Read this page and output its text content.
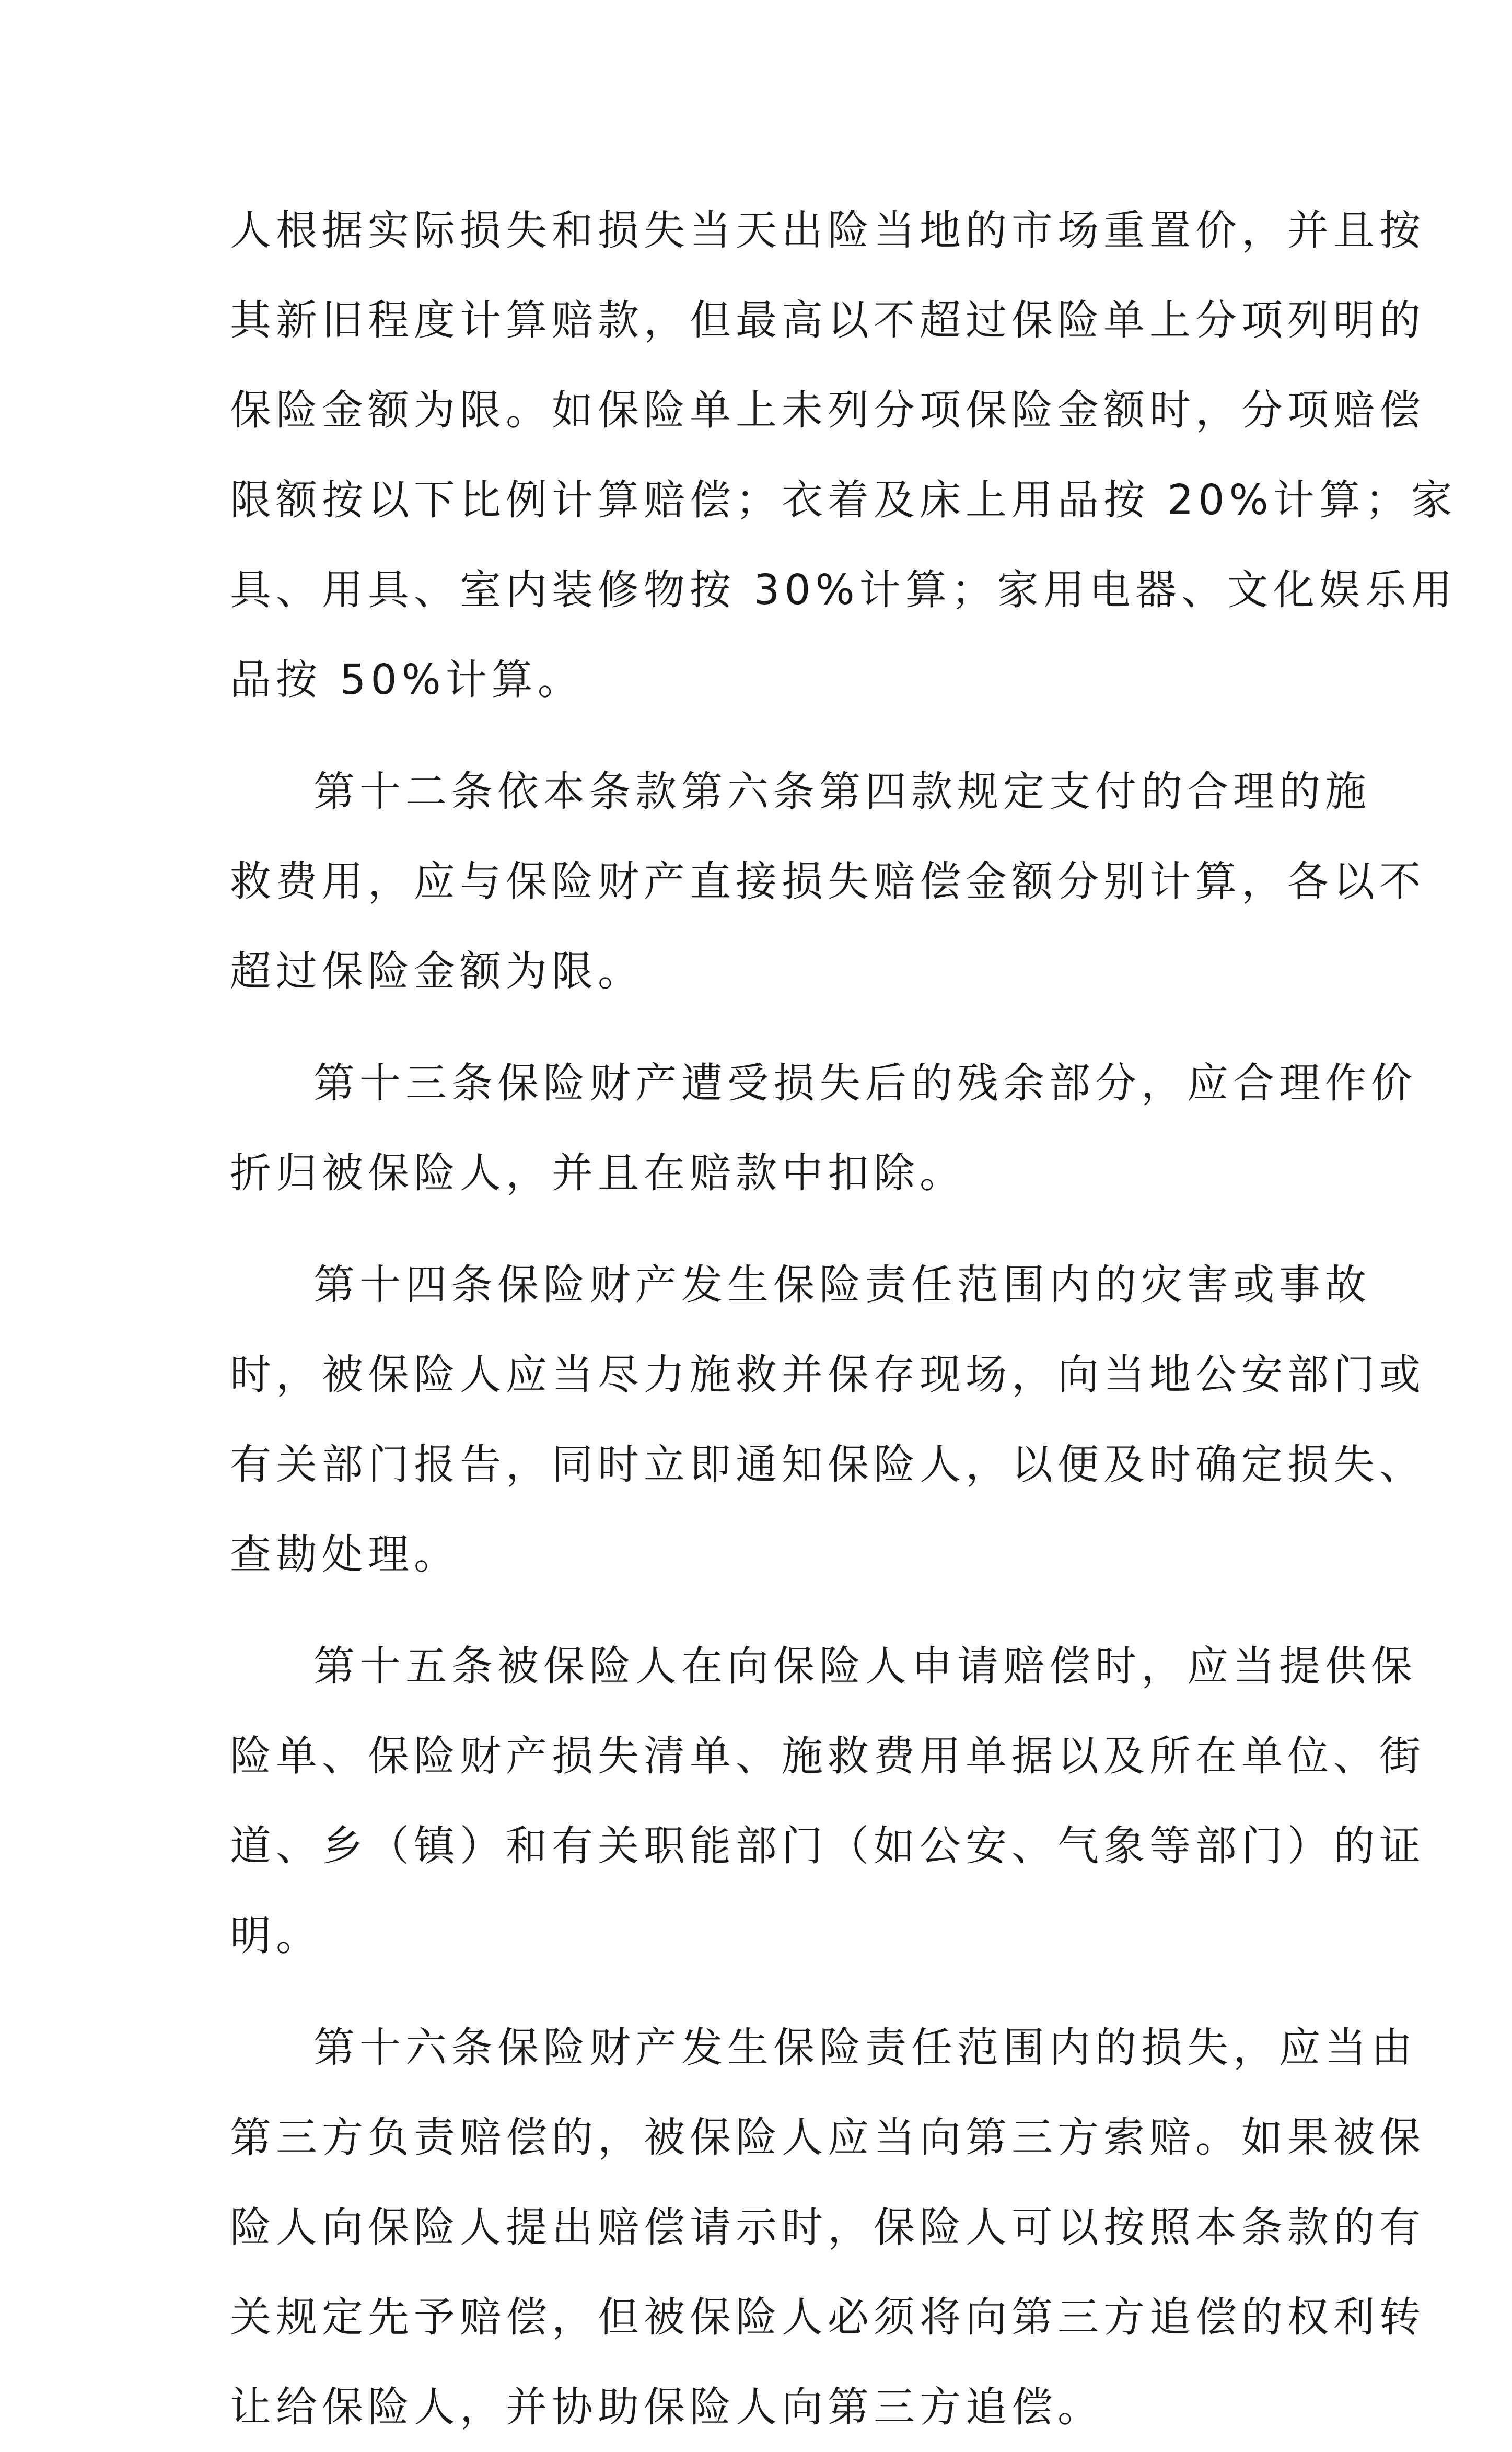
人根据实际损失和损失当天出险当地的市场重置价，并且按
其新旧程度计算赔款，但最高以不超过保险单上分项列明的
保险金额为限。如保险单上未列分项保险金额时，分项赔偿
限额按以下比例计算赔偿；衣着及床上用品按 20%计算；家
具、用具、室内装修物按 30%计算；家用电器、文化娱乐用
品按 50%计算。
第十二条依本条款第六条第四款规定支付的合理的施
救费用，应与保险财产直接损失赔偿金额分别计算，各以不
超过保险金额为限。
第十三条保险财产遭受损失后的残余部分，应合理作价
折归被保险人，并且在赔款中扣除。
第十四条保险财产发生保险责任范围内的灾害或事故
时，被保险人应当尽力施救并保存现场，向当地公安部门或
有关部门报告，同时立即通知保险人，以便及时确定损失、
查勘处理。
第十五条被保险人在向保险人申请赔偿时，应当提供保
险单、保险财产损失清单、施救费用单据以及所在单位、街
道、乡（镇）和有关职能部门（如公安、气象等部门）的证
明。
第十六条保险财产发生保险责任范围内的损失，应当由
第三方负责赔偿的，被保险人应当向第三方索赔。如果被保
险人向保险人提出赔偿请示时，保险人可以按照本条款的有
关规定先予赔偿，但被保险人必须将向第三方追偿的权利转
让给保险人，并协助保险人向第三方追偿。
